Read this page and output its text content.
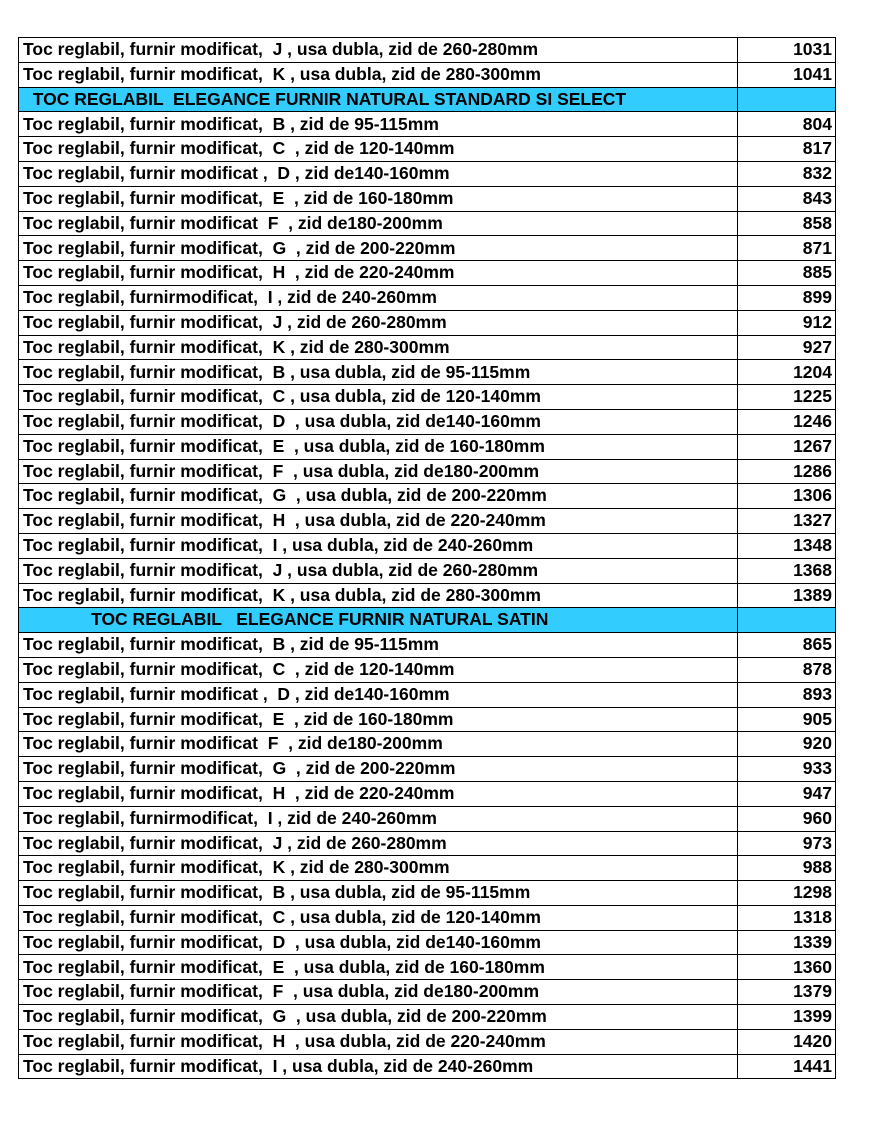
Toc reglabil, furnir modificat,  J , usa dubla, zid de 260-280mm	1031
Toc reglabil, furnir modificat,  K , usa dubla, zid de 280-300mm	1041
TOC REGLABIL  ELEGANCE FURNIR NATURAL STANDARD SI SELECT	
Toc reglabil, furnir modificat,  B , zid de 95-115mm	804
Toc reglabil, furnir modificat,  C  , zid de 120-140mm	817
Toc reglabil, furnir modificat ,  D , zid de140-160mm	832
Toc reglabil, furnir modificat,  E  , zid de 160-180mm	843
Toc reglabil, furnir modificat  F  , zid de180-200mm	858
Toc reglabil, furnir modificat,  G  , zid de 200-220mm	871
Toc reglabil, furnir modificat,  H  , zid de 220-240mm	885
Toc reglabil, furnirmodificat,  I , zid de 240-260mm	899
Toc reglabil, furnir modificat,  J , zid de 260-280mm	912
Toc reglabil, furnir modificat,  K , zid de 280-300mm	927
Toc reglabil, furnir modificat,  B , usa dubla, zid de 95-115mm	1204
Toc reglabil, furnir modificat,  C , usa dubla, zid de 120-140mm	1225
Toc reglabil, furnir modificat,  D  , usa dubla, zid de140-160mm	1246
Toc reglabil, furnir modificat,  E  , usa dubla, zid de 160-180mm	1267
Toc reglabil, furnir modificat,  F  , usa dubla, zid de180-200mm	1286
Toc reglabil, furnir modificat,  G  , usa dubla, zid de 200-220mm	1306
Toc reglabil, furnir modificat,  H  , usa dubla, zid de 220-240mm	1327
Toc reglabil, furnir modificat,  I , usa dubla, zid de 240-260mm	1348
Toc reglabil, furnir modificat,  J , usa dubla, zid de 260-280mm	1368
Toc reglabil, furnir modificat,  K , usa dubla, zid de 280-300mm	1389
TOC REGLABIL   ELEGANCE FURNIR NATURAL SATIN	
Toc reglabil, furnir modificat,  B , zid de 95-115mm	865
Toc reglabil, furnir modificat,  C  , zid de 120-140mm	878
Toc reglabil, furnir modificat ,  D , zid de140-160mm	893
Toc reglabil, furnir modificat,  E  , zid de 160-180mm	905
Toc reglabil, furnir modificat  F  , zid de180-200mm	920
Toc reglabil, furnir modificat,  G  , zid de 200-220mm	933
Toc reglabil, furnir modificat,  H  , zid de 220-240mm	947
Toc reglabil, furnirmodificat,  I , zid de 240-260mm	960
Toc reglabil, furnir modificat,  J , zid de 260-280mm	973
Toc reglabil, furnir modificat,  K , zid de 280-300mm	988
Toc reglabil, furnir modificat,  B , usa dubla, zid de 95-115mm	1298
Toc reglabil, furnir modificat,  C , usa dubla, zid de 120-140mm	1318
Toc reglabil, furnir modificat,  D  , usa dubla, zid de140-160mm	1339
Toc reglabil, furnir modificat,  E  , usa dubla, zid de 160-180mm	1360
Toc reglabil, furnir modificat,  F  , usa dubla, zid de180-200mm	1379
Toc reglabil, furnir modificat,  G  , usa dubla, zid de 200-220mm	1399
Toc reglabil, furnir modificat,  H  , usa dubla, zid de 220-240mm	1420
Toc reglabil, furnir modificat,  I , usa dubla, zid de 240-260mm	1441
